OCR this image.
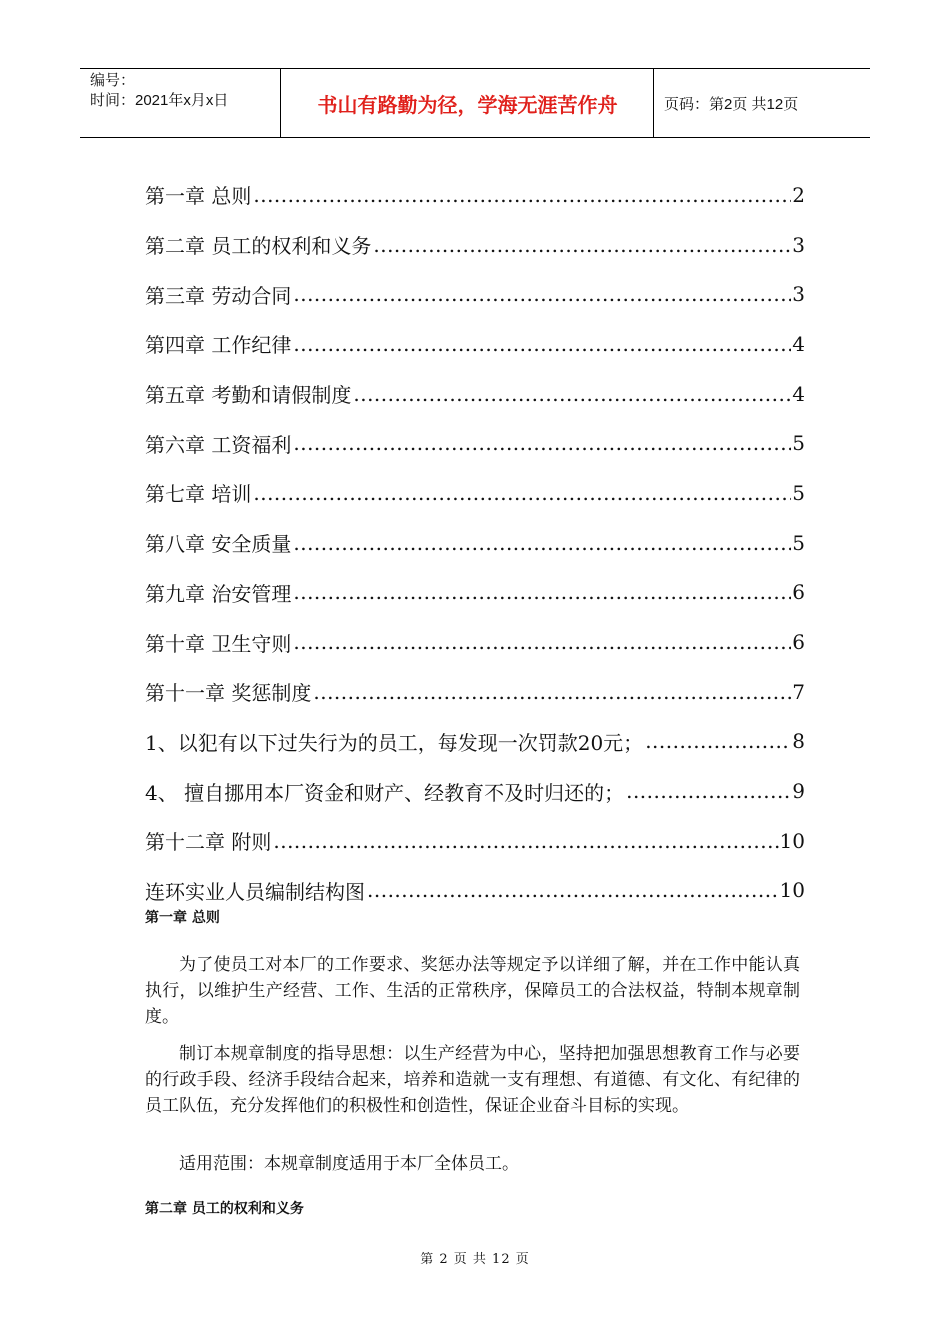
编号：
时间：2021年x月x日	书山有路勤为径，学海无涯苦作舟	页码：第2页 共12页
第一章 总则 .....	2
第二章 员工的权利和义务 .....	3
第三章 劳动合同 .....	3
第四章 工作纪律 .....	4
第五章 考勤和请假制度 .....	4
第六章 工资福利 .....	5
第七章 培训 .....	5
第八章 安全质量 .....	5
第九章 治安管理 .....	6
第十章 卫生守则 .....	6
第十一章 奖惩制度 .....	7
1、以犯有以下过失行为的员工，每发现一次罚款20元； .....	8
4、 擅自挪用本厂资金和财产、经教育不及时归还的； .....	9
第十二章 附则 .....	10
连环实业人员编制结构图 .....	10
第一章 总则
为了使员工对本厂的工作要求、奖惩办法等规定予以详细了解，并在工作中能认真执行，以维护生产经营、工作、生活的正常秩序，保障员工的合法权益，特制本规章制度。
制订本规章制度的指导思想：以生产经营为中心，坚持把加强思想教育工作与必要的行政手段、经济手段结合起来，培养和造就一支有理想、有道德、有文化、有纪律的员工队伍，充分发挥他们的积极性和创造性，保证企业奋斗目标的实现。
适用范围：本规章制度适用于本厂全体员工。
第二章 员工的权利和义务
第 2 页 共 12 页
